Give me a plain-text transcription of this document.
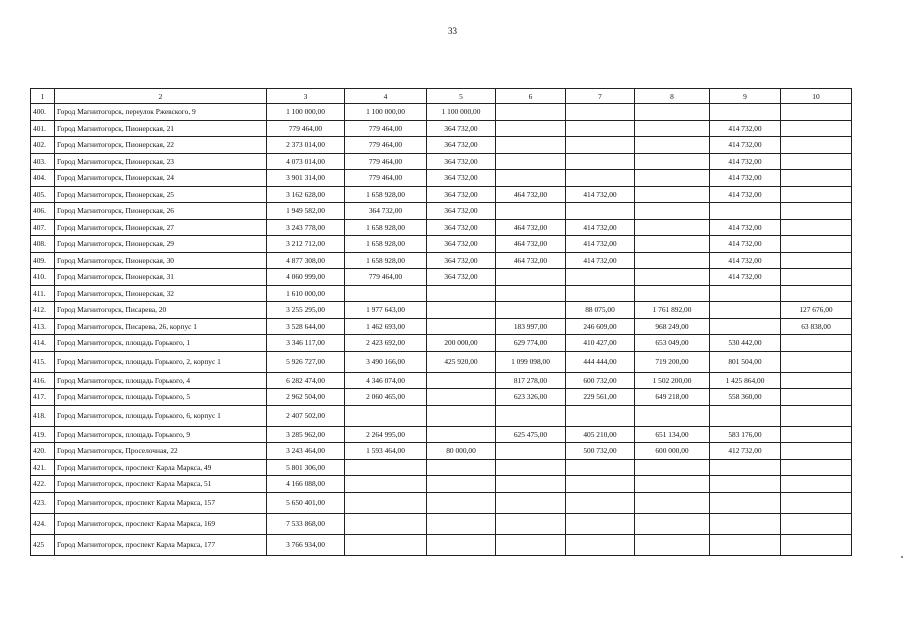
33
1	2	3	4	5	6	7	8	9	10
400.	Город Магнитогорск, переулок Ржевского, 9	1 100 000,00	1 100 000,00	1 100 000,00					
401.	Город Магнитогорск, Пионерская, 21	779 464,00	779 464,00	364 732,00				414 732,00	
402.	Город Магнитогорск, Пионерская, 22	2 373 014,00	779 464,00	364 732,00				414 732,00	
403.	Город Магнитогорск, Пионерская, 23	4 073 014,00	779 464,00	364 732,00				414 732,00	
404.	Город Магнитогорск, Пионерская, 24	3 901 314,00	779 464,00	364 732,00				414 732,00	
405.	Город Магнитогорск, Пионерская, 25	3 162 628,00	1 658 928,00	364 732,00	464 732,00	414 732,00		414 732,00	
406.	Город Магнитогорск, Пионерская, 26	1 949 582,00	364 732,00	364 732,00					
407.	Город Магнитогорск, Пионерская, 27	3 243 778,00	1 658 928,00	364 732,00	464 732,00	414 732,00		414 732,00	
408.	Город Магнитогорск, Пионерская, 29	3 212 712,00	1 658 928,00	364 732,00	464 732,00	414 732,00		414 732,00	
409.	Город Магнитогорск, Пионерская, 30	4 877 308,00	1 658 928,00	364 732,00	464 732,00	414 732,00		414 732,00	
410.	Город Магнитогорск, Пионерская, 31	4 060 999,00	779 464,00	364 732,00				414 732,00	
411.	Город Магнитогорск, Пионерская, 32	1 610 000,00							
412.	Город Магнитогорск, Писарева, 20	3 255 295,00	1 977 643,00			88 075,00	1 761 892,00		127 676,00
413.	Город Магнитогорск, Писарева, 26, корпус 1	3 528 644,00	1 462 693,00		183 997,00	246 609,00	968 249,00		63 838,00
414.	Город Магнитогорск, площадь Горького, 1	3 346 117,00	2 423 692,00	200 000,00	629 774,00	410 427,00	653 049,00	530 442,00	
415.	Город Магнитогорск, площадь Горького, 2, корпус 1	5 926 727,00	3 490 166,00	425 920,00	1 099 098,00	444 444,00	719 200,00	801 504,00	
416.	Город Магнитогорск, площадь Горького, 4	6 282 474,00	4 346 074,00		817 278,00	600 732,00	1 502 200,00	1 425 864,00	
417.	Город Магнитогорск, площадь Горького, 5	2 962 504,00	2 060 465,00		623 326,00	229 561,00	649 218,00	558 360,00	
418.	Город Магнитогорск, площадь Горького, 6, корпус 1	2 407 502,00							
419.	Город Магнитогорск, площадь Горького, 9	3 285 962,00	2 264 995,00		625 475,00	405 210,00	651 134,00	583 176,00	
420.	Город Магнитогорск, Проселочная, 22	3 243 464,00	1 593 464,00	80 000,00		500 732,00	600 000,00	412 732,00	
421.	Город Магнитогорск, проспект Карла Маркса, 49	5 801 306,00							
422.	Город Магнитогорск, проспект Карла Маркса, 51	4 166 088,00							
423.	Город Магнитогорск, проспект Карла Маркса, 157	5 650 401,00							
424.	Город Магнитогорск, проспект Карла Маркса, 169	7 533 868,00							
425	Город Магнитогорск, проспект Карла Маркса, 177	3 766 934,00							
